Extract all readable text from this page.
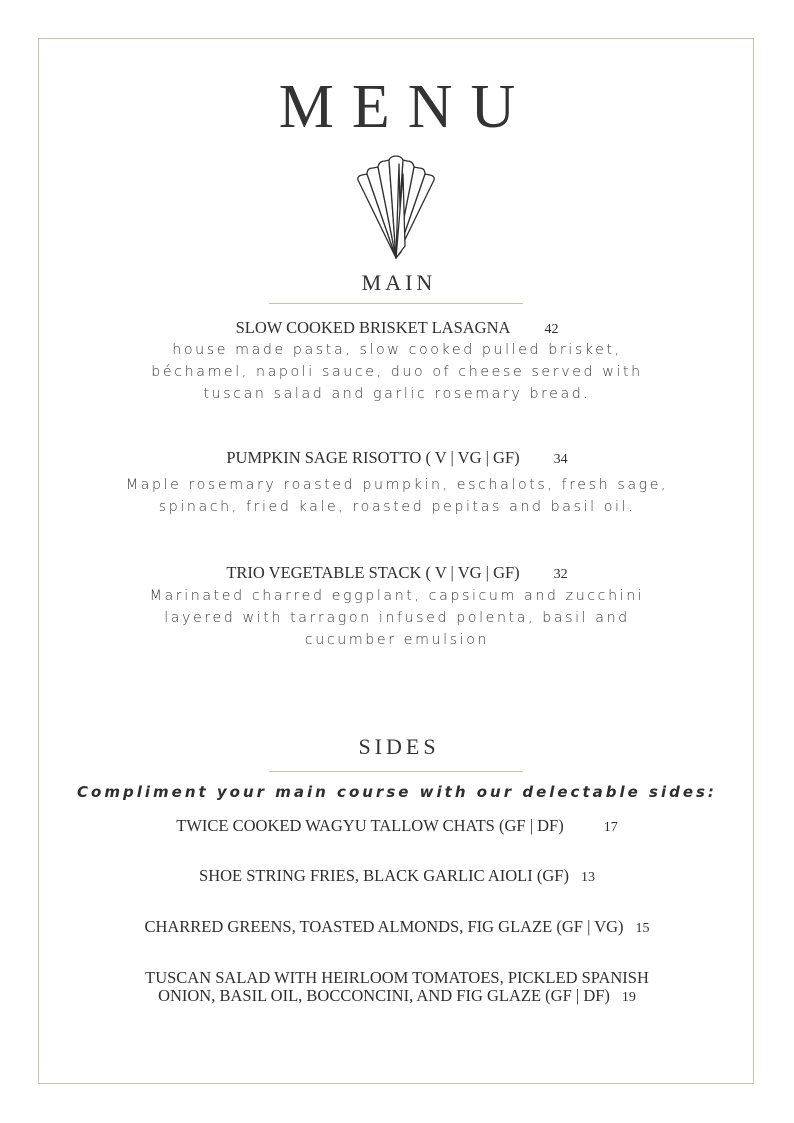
MENU
MAIN
SLOW COOKED BRISKET LASAGNA 42
house made pasta, slow cooked pulled brisket,
béchamel, napoli sauce, duo of cheese served with
tuscan salad and garlic rosemary bread.
PUMPKIN SAGE RISOTTO ( V | VG | GF) 34
Maple rosemary roasted pumpkin, eschalots, fresh sage,
spinach, fried kale, roasted pepitas and basil oil.
TRIO VEGETABLE STACK ( V | VG | GF) 32
Marinated charred eggplant, capsicum and zucchini
layered with tarragon infused polenta, basil and
cucumber emulsion
SIDES
Compliment your main course with our delectable sides:
TWICE COOKED WAGYU TALLOW CHATS (GF | DF)	17
SHOE STRING FRIES, BLACK GARLIC AIOLI (GF) 13
CHARRED GREENS, TOASTED ALMONDS, FIG GLAZE (GF | VG) 15
TUSCAN SALAD WITH HEIRLOOM TOMATOES, PICKLED SPANISH
ONION, BASIL OIL, BOCCONCINI, AND FIG GLAZE (GF | DF) 19
